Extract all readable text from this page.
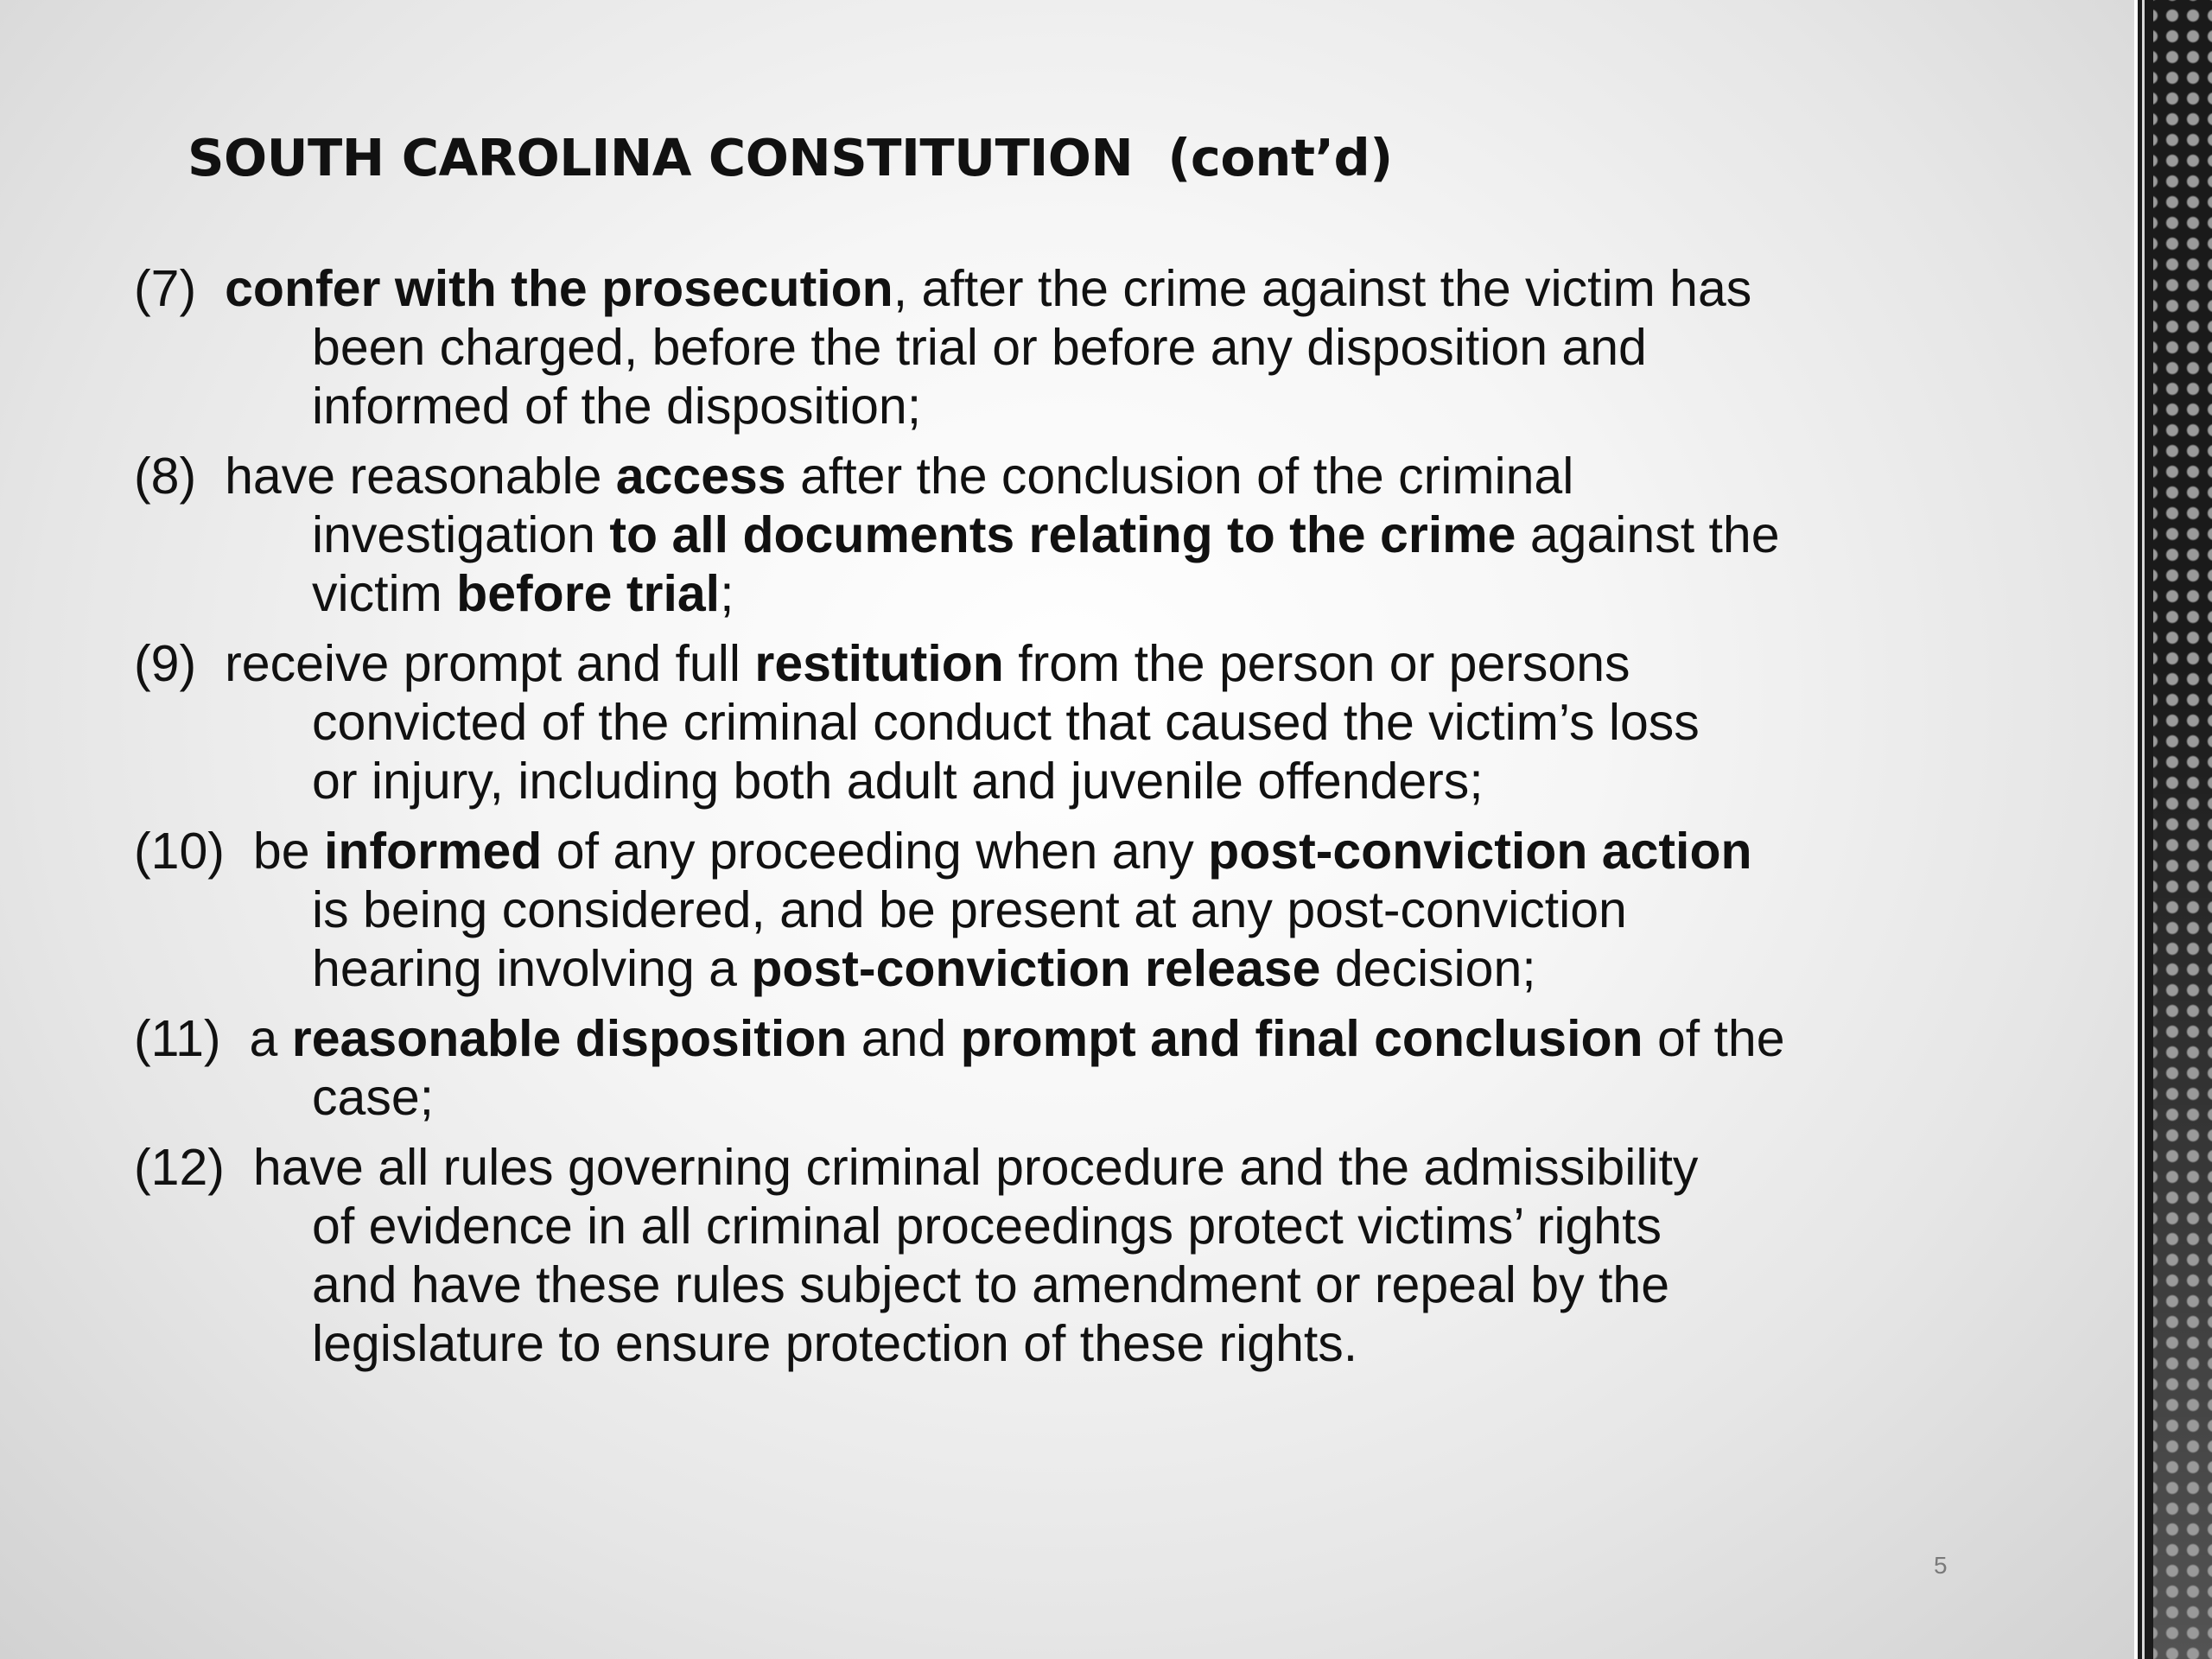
SOUTH CAROLINA CONSTITUTION  (cont’d)
(7) confer with the prosecution, after the crime against the victim has
been charged, before the trial or before any disposition and
informed of the disposition;
(8) have reasonable access after the conclusion of the criminal
investigation to all documents relating to the crime against the
victim before trial;
(9) receive prompt and full restitution from the person or persons
convicted of the criminal conduct that caused the victim’s loss
or injury, including both adult and juvenile offenders;
(10) be informed of any proceeding when any post-conviction action
is being considered, and be present at any post-conviction
hearing involving a post-conviction release decision;
(11) a reasonable disposition and prompt and final conclusion of the
case;
(12) have all rules governing criminal procedure and the admissibility
of evidence in all criminal proceedings protect victims’ rights
and have these rules subject to amendment or repeal by the
legislature to ensure protection of these rights.
5
